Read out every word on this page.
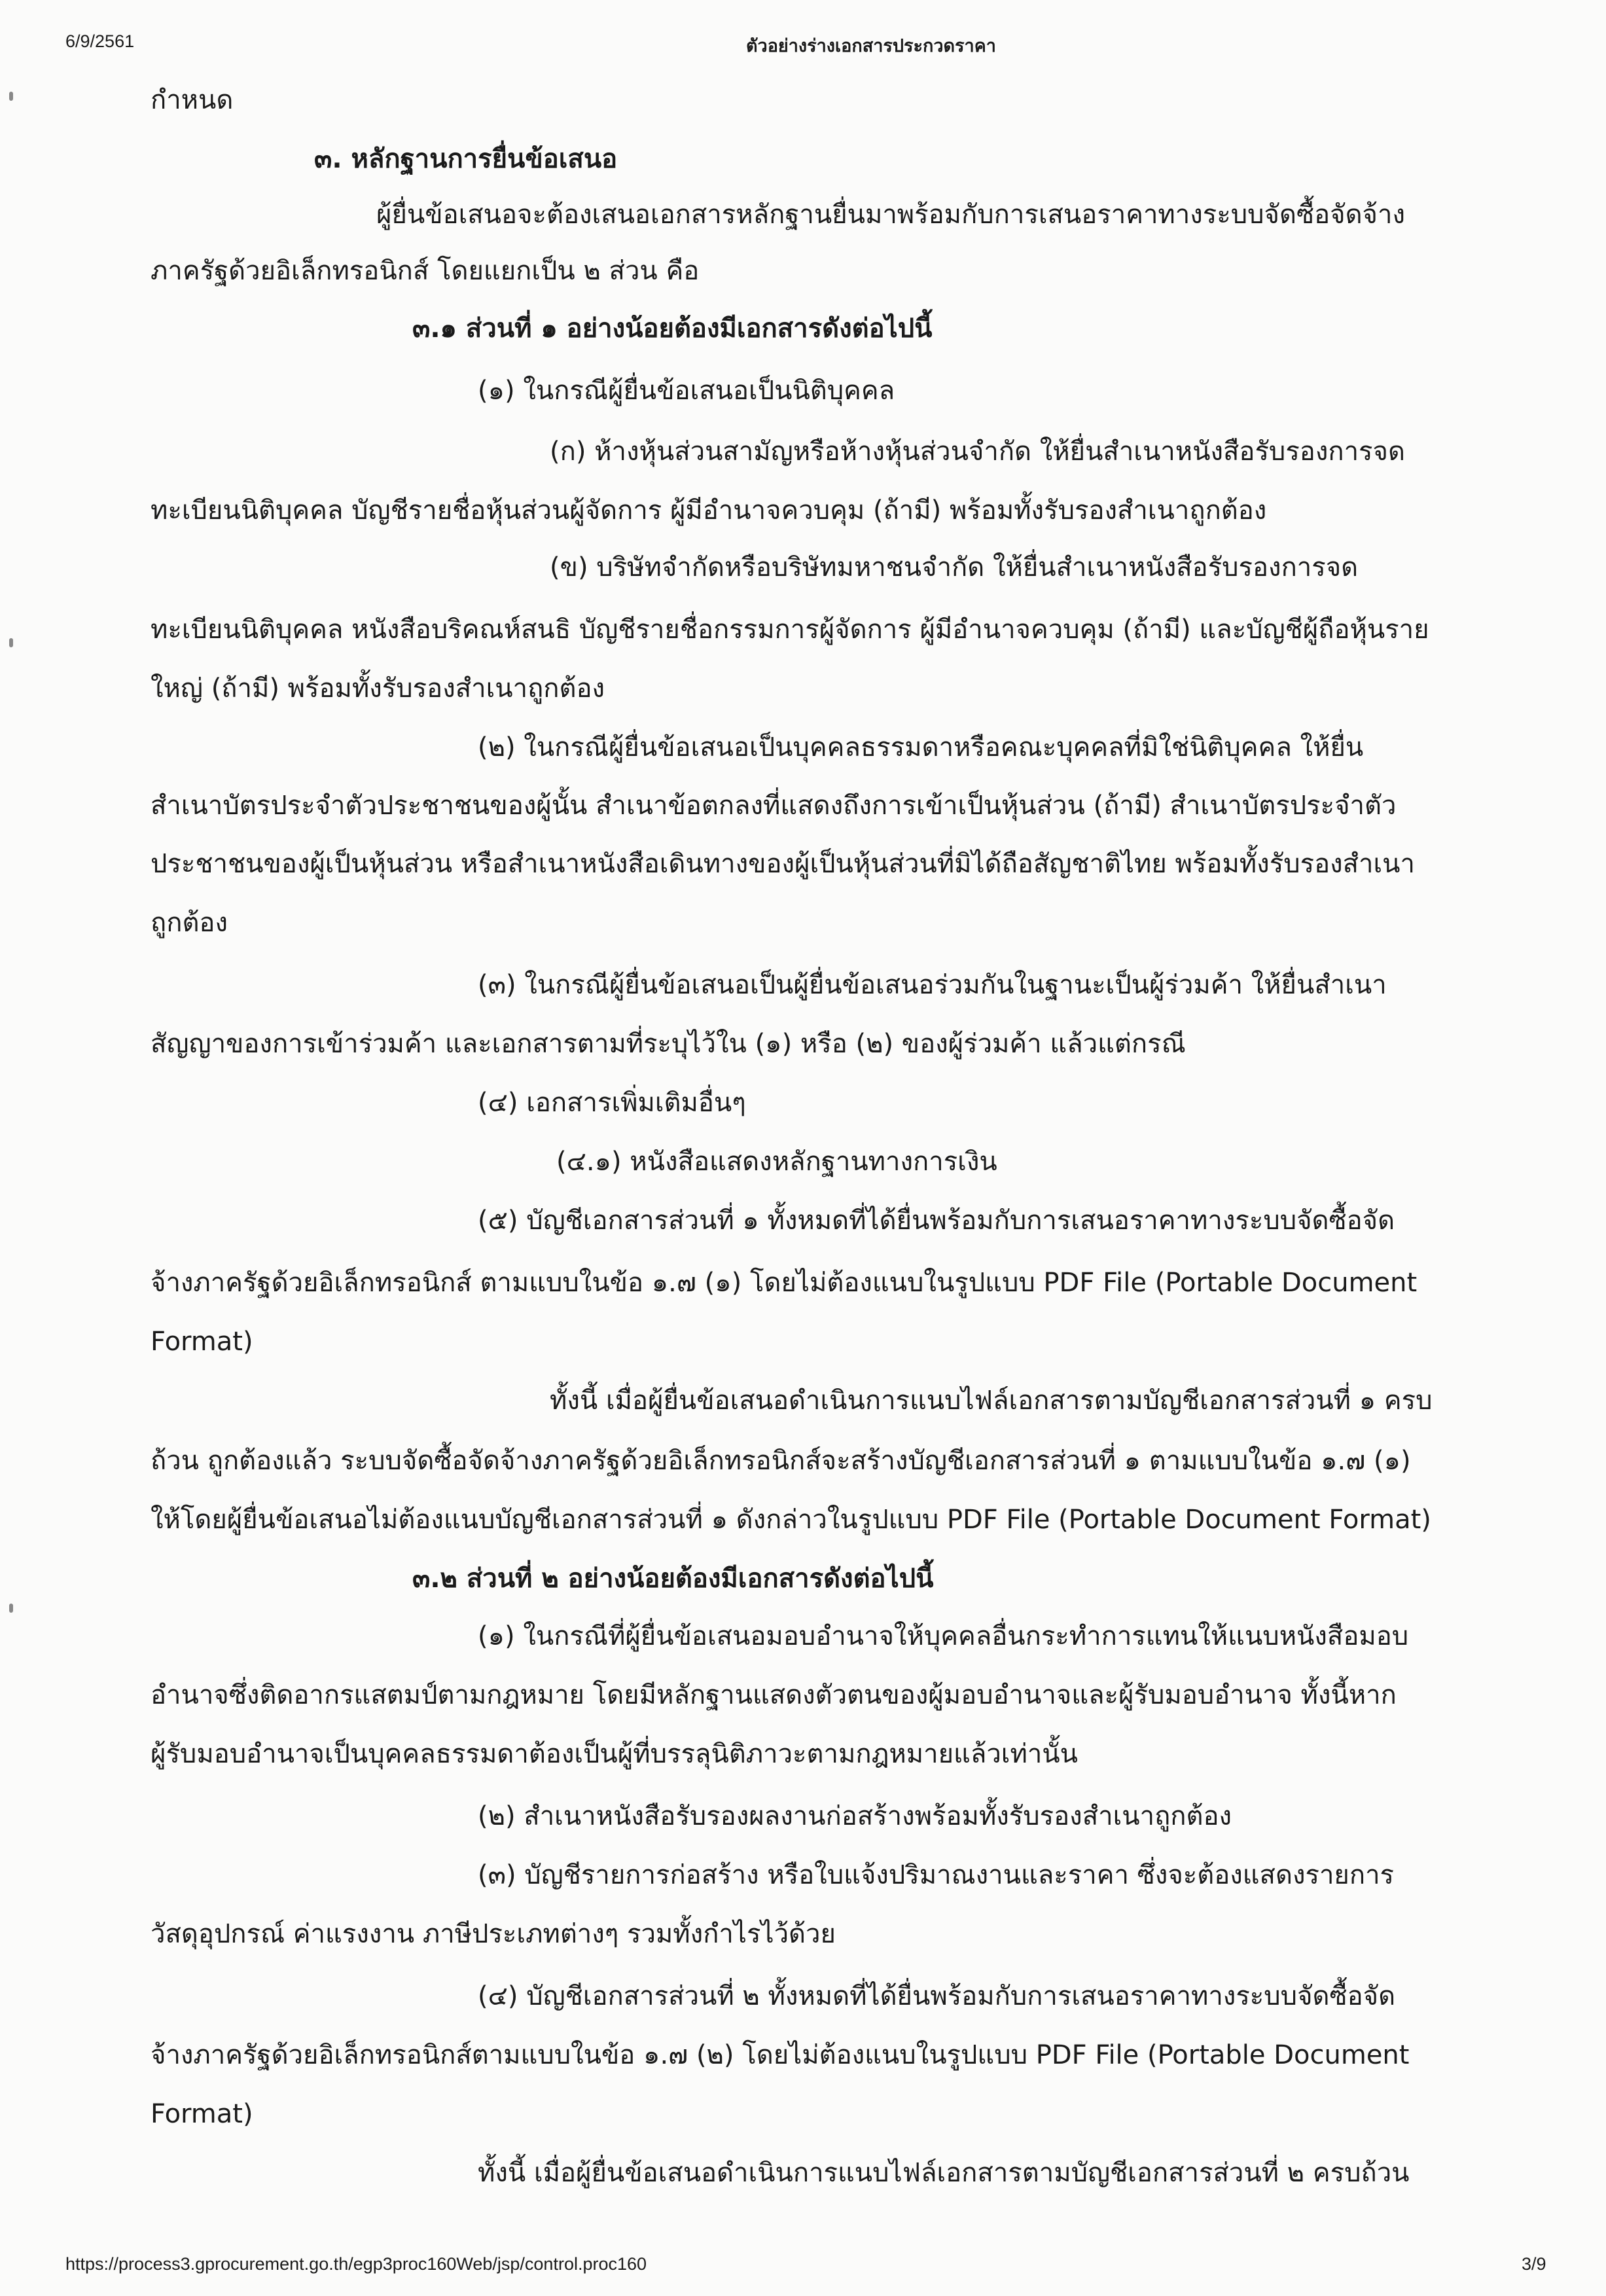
6/9/2561	ตัวอย่างร่างเอกสารประกวดราคา
กำหนด
๓. หลักฐานการยื่นข้อเสนอ
ผู้ยื่นข้อเสนอจะต้องเสนอเอกสารหลักฐานยื่นมาพร้อมกับการเสนอราคาทางระบบจัดซื้อจัดจ้าง
ภาครัฐด้วยอิเล็กทรอนิกส์ โดยแยกเป็น ๒ ส่วน คือ
๓.๑ ส่วนที่ ๑ อย่างน้อยต้องมีเอกสารดังต่อไปนี้
(๑) ในกรณีผู้ยื่นข้อเสนอเป็นนิติบุคคล
(ก) ห้างหุ้นส่วนสามัญหรือห้างหุ้นส่วนจำกัด ให้ยื่นสำเนาหนังสือรับรองการจด
ทะเบียนนิติบุคคล บัญชีรายชื่อหุ้นส่วนผู้จัดการ ผู้มีอำนาจควบคุม (ถ้ามี) พร้อมทั้งรับรองสำเนาถูกต้อง
(ข) บริษัทจำกัดหรือบริษัทมหาชนจำกัด ให้ยื่นสำเนาหนังสือรับรองการจด
ทะเบียนนิติบุคคล หนังสือบริคณห์สนธิ บัญชีรายชื่อกรรมการผู้จัดการ ผู้มีอำนาจควบคุม (ถ้ามี) และบัญชีผู้ถือหุ้นราย
ใหญ่ (ถ้ามี) พร้อมทั้งรับรองสำเนาถูกต้อง
(๒) ในกรณีผู้ยื่นข้อเสนอเป็นบุคคลธรรมดาหรือคณะบุคคลที่มิใช่นิติบุคคล ให้ยื่น
สำเนาบัตรประจำตัวประชาชนของผู้นั้น สำเนาข้อตกลงที่แสดงถึงการเข้าเป็นหุ้นส่วน (ถ้ามี) สำเนาบัตรประจำตัว
ประชาชนของผู้เป็นหุ้นส่วน หรือสำเนาหนังสือเดินทางของผู้เป็นหุ้นส่วนที่มิได้ถือสัญชาติไทย พร้อมทั้งรับรองสำเนา
ถูกต้อง
(๓) ในกรณีผู้ยื่นข้อเสนอเป็นผู้ยื่นข้อเสนอร่วมกันในฐานะเป็นผู้ร่วมค้า ให้ยื่นสำเนา
สัญญาของการเข้าร่วมค้า และเอกสารตามที่ระบุไว้ใน (๑) หรือ (๒) ของผู้ร่วมค้า แล้วแต่กรณี
(๔) เอกสารเพิ่มเติมอื่นๆ
(๔.๑) หนังสือแสดงหลักฐานทางการเงิน
(๕) บัญชีเอกสารส่วนที่ ๑ ทั้งหมดที่ได้ยื่นพร้อมกับการเสนอราคาทางระบบจัดซื้อจัด
จ้างภาครัฐด้วยอิเล็กทรอนิกส์ ตามแบบในข้อ ๑.๗ (๑) โดยไม่ต้องแนบในรูปแบบ PDF File (Portable Document
Format)
ทั้งนี้ เมื่อผู้ยื่นข้อเสนอดำเนินการแนบไฟล์เอกสารตามบัญชีเอกสารส่วนที่ ๑ ครบ
ถ้วน ถูกต้องแล้ว ระบบจัดซื้อจัดจ้างภาครัฐด้วยอิเล็กทรอนิกส์จะสร้างบัญชีเอกสารส่วนที่ ๑ ตามแบบในข้อ ๑.๗ (๑)
ให้โดยผู้ยื่นข้อเสนอไม่ต้องแนบบัญชีเอกสารส่วนที่ ๑ ดังกล่าวในรูปแบบ PDF File (Portable Document Format)
๓.๒ ส่วนที่ ๒ อย่างน้อยต้องมีเอกสารดังต่อไปนี้
(๑) ในกรณีที่ผู้ยื่นข้อเสนอมอบอำนาจให้บุคคลอื่นกระทำการแทนให้แนบหนังสือมอบ
อำนาจซึ่งติดอากรแสตมป์ตามกฎหมาย โดยมีหลักฐานแสดงตัวตนของผู้มอบอำนาจและผู้รับมอบอำนาจ ทั้งนี้หาก
ผู้รับมอบอำนาจเป็นบุคคลธรรมดาต้องเป็นผู้ที่บรรลุนิติภาวะตามกฎหมายแล้วเท่านั้น
(๒) สำเนาหนังสือรับรองผลงานก่อสร้างพร้อมทั้งรับรองสำเนาถูกต้อง
(๓) บัญชีรายการก่อสร้าง หรือใบแจ้งปริมาณงานและราคา ซึ่งจะต้องแสดงรายการ
วัสดุอุปกรณ์ ค่าแรงงาน ภาษีประเภทต่างๆ รวมทั้งกำไรไว้ด้วย
(๔) บัญชีเอกสารส่วนที่ ๒ ทั้งหมดที่ได้ยื่นพร้อมกับการเสนอราคาทางระบบจัดซื้อจัด
จ้างภาครัฐด้วยอิเล็กทรอนิกส์ตามแบบในข้อ ๑.๗ (๒) โดยไม่ต้องแนบในรูปแบบ PDF File (Portable Document
Format)
ทั้งนี้ เมื่อผู้ยื่นข้อเสนอดำเนินการแนบไฟล์เอกสารตามบัญชีเอกสารส่วนที่ ๒ ครบถ้วน
https://process3.gprocurement.go.th/egp3proc160Web/jsp/control.proc160	3/9
